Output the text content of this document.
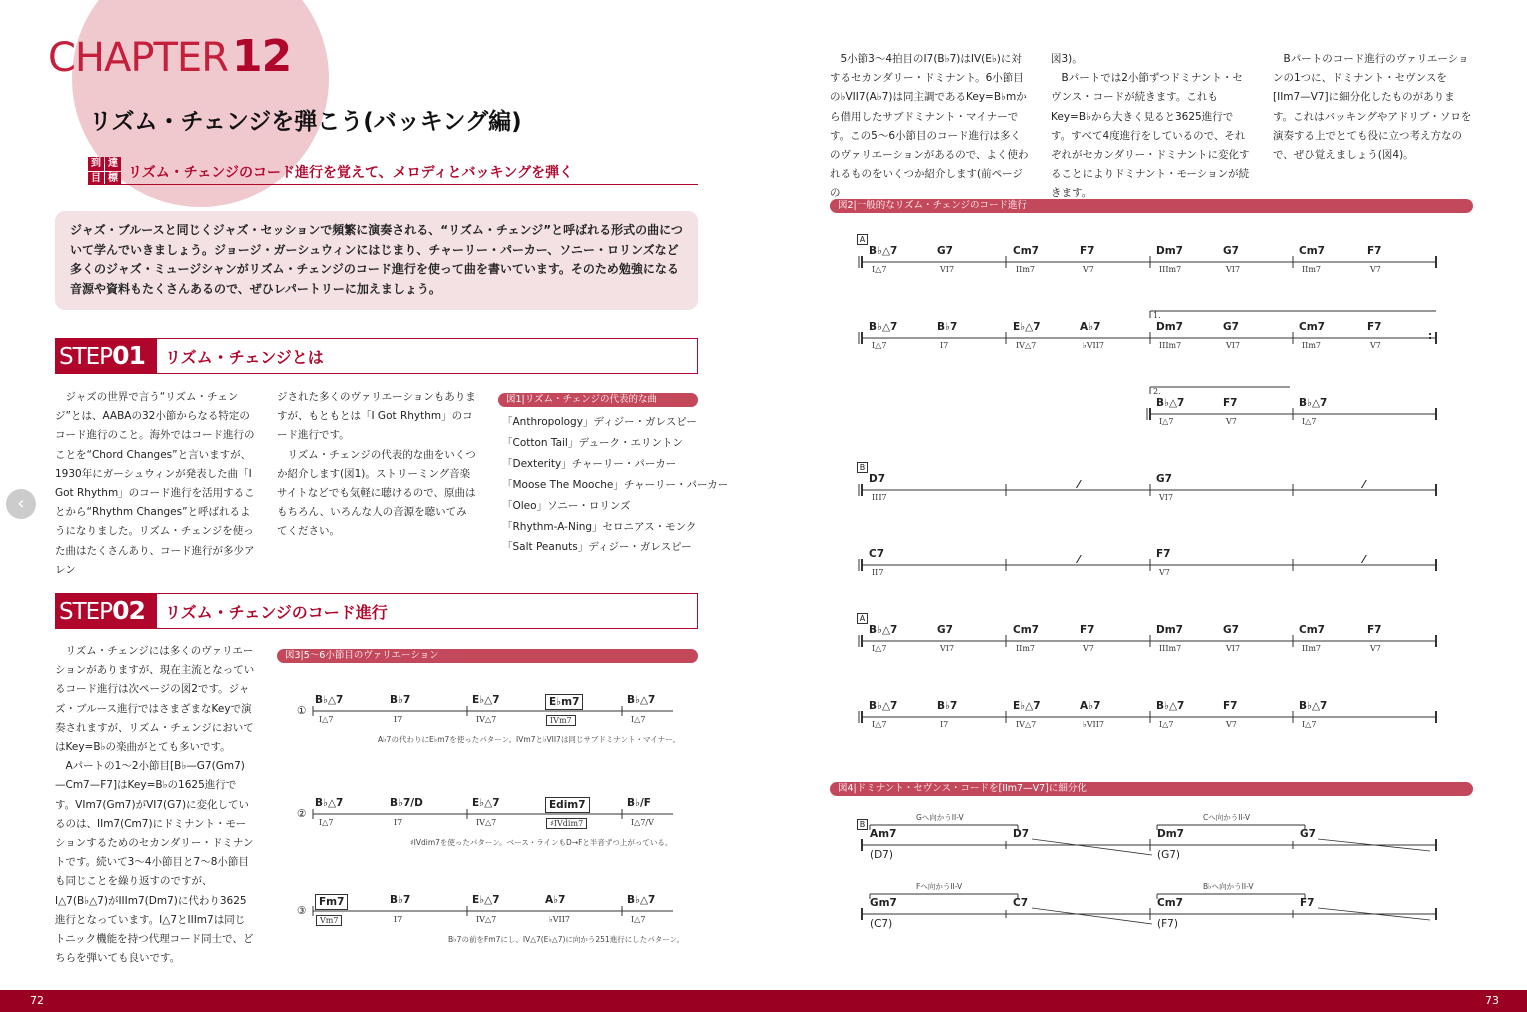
CHAPTER12
リズム・チェンジを弾こう(バッキング編)
到 達
目 標 リズム・チェンジのコード進行を覚えて、メロディとバッキングを弾く
ジャズ・ブルースと同じくジャズ・セッションで頻繁に演奏される、“リズム・チェンジ”と呼ばれる形式の曲について学んでいきましょう。ジョージ・ガーシュウィンにはじまり、チャーリー・パーカー、ソニー・ロリンズなど多くのジャズ・ミュージシャンがリズム・チェンジのコード進行を使って曲を書いています。そのため勉強になる音源や資料もたくさんあるので、ぜひレパートリーに加えましょう。
STEP01	リズム・チェンジとは

ジャズの世界で言う“リズム・チェンジ”とは、AABAの32小節からなる特定のコード進行のこと。海外ではコード進行のことを“Chord Changes”と言いますが、1930年にガーシュウィンが発表した曲「I Got Rhythm」のコード進行を活用することから“Rhythm Changes”と呼ばれるようになりました。リズム・チェンジを使った曲はたくさんあり、コード進行が多少アレン

ジされた多くのヴァリエーションもありますが、もともとは「I Got Rhythm」のコード進行です。

リズム・チェンジの代表的な曲をいくつか紹介します(図1)。ストリーミング音楽サイトなどでも気軽に聴けるので、原曲はもちろん、いろんな人の音源を聴いてみてください。

図1|リズム・チェンジの代表的な曲
「Anthropology」ディジー・ガレスピー
「Cotton Tail」デューク・エリントン
「Dexterity」チャーリー・パーカー
「Moose The Mooche」チャーリー・パーカー
「Oleo」ソニー・ロリンズ
「Rhythm-A-Ning」セロニアス・モンク
「Salt Peanuts」ディジー・ガレスピー
‹
STEP02	リズム・チェンジのコード進行

リズム・チェンジには多くのヴァリエーションがありますが、現在主流となっているコード進行は次ページの図2です。ジャズ・ブルース進行ではさまざまなKeyで演奏されますが、リズム・チェンジにおいてはKey=B♭の楽曲がとても多いです。

Aパートの1〜2小節目[B♭—G7(Gm7)—Cm7—F7]はKey=B♭の1625進行です。VIm7(Gm7)がVI7(G7)に変化しているのは、IIm7(Cm7)にドミナント・モーションするためのセカンダリー・ドミナントです。続いて3〜4小節目と7〜8小節目も同じことを繰り返すのですが、I△7(B♭△7)がIIIm7(Dm7)に代わり3625進行となっています。I△7とIIIm7は同じトニック機能を持つ代理コード同士で、どちらを弾いても良いです。

図3|5〜6小節目のヴァリエーション
①
B♭△7	B♭7	E♭△7	E♭m7	B♭△7
I△7	I7	IV△7	IVm7	I△7
A♭7の代わりにE♭m7を使ったパターン。IVm7と♭VII7は同じサブドミナント・マイナー。
②
B♭△7	B♭7/D	E♭△7	Edim7	B♭/F
I△7	I7	IV△7	♯IVdim7	I△7/V
♯IVdim7を使ったパターン。ベース・ラインもD→Fと半音ずつ上がっている。
③
Fm7	B♭7	E♭△7	A♭7	B♭△7
Vm7	I7	IV△7	♭VII7	I△7
B♭7の前をFm7にし、IV△7(E♭△7)に向かう251進行にしたパターン。
72	73

5小節3〜4拍目のI7(B♭7)はIV(E♭)に対するセカンダリー・ドミナント。6小節目の♭VII7(A♭7)は同主調であるKey=B♭mから借用したサブドミナント・マイナーです。この5〜6小節目のコード進行は多くのヴァリエーションがあるので、よく使われるものをいくつか紹介します(前ページの

図3)。

Bパートでは2小節ずつドミナント・セヴンス・コードが続きます。これもKey=B♭から大きく見ると3625進行です。すべて4度進行をしているので、それぞれがセカンダリー・ドミナントに変化することによりドミナント・モーションが続きます。

Bパートのコード進行のヴァリエーションの1つに、ドミナント・セヴンスを[IIm7—V7]に細分化したものがあります。これはバッキングやアドリブ・ソロを演奏する上でとても役に立つ考え方なので、ぜひ覚えましょう(図4)。

図2|一般的なリズム・チェンジのコード進行
A
B♭△7	G7	Cm7	F7	Dm7	G7	Cm7	F7
I△7	VI7	IIm7	V7	IIIm7	VI7	IIm7	V7
1.
B♭△7	B♭7	E♭△7	A♭7	Dm7	G7	Cm7	F7
I△7	I7	IV△7	♭VII7	IIIm7	VI7	IIm7	V7
:
2.
B♭△7	F7	B♭△7
I△7	V7	I△7
B
D7	G7
III7	VI7
⁄	⁄
C7	F7
II7	V7
⁄	⁄
A
B♭△7	G7	Cm7	F7	Dm7	G7	Cm7	F7
I△7	VI7	IIm7	V7	IIIm7	VI7	IIm7	V7
B♭△7	B♭7	E♭△7	A♭7	B♭△7	F7	B♭△7
I△7	I7	IV△7	♭VII7	I△7	V7	I△7
図4|ドミナント・セヴンス・コードを[IIm7—V7]に細分化
B
Gへ向かうII-V	Cへ向かうII-V
Am7	D7	Dm7	G7
(D7)	(G7)
Fへ向かうII-V	B♭へ向かうII-V
Gm7	C7	Cm7	F7
(C7)	(F7)
